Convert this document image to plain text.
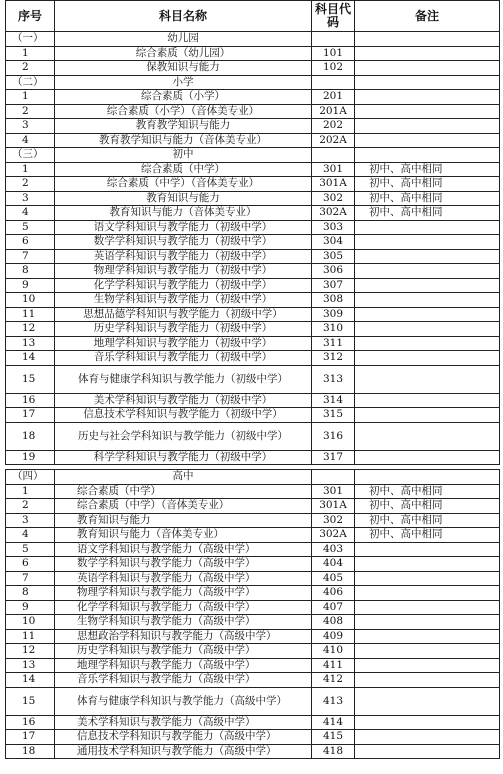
序号	科目名称	科目代码	备注
（一）	幼儿园		
1	综合素质（幼儿园）	101	
2	保教知识与能力	102	
（二）	小学		
1	综合素质（小学）	201	
2	综合素质（小学）（音体美专业）	201A	
3	教育教学知识与能力	202	
4	教育教学知识与能力（音体美专业）	202A	
（三）	初中		
1	综合素质（中学）	301	初中、高中相同
2	综合素质（中学）（音体美专业）	301A	初中、高中相同
3	教育知识与能力	302	初中、高中相同
4	教育知识与能力（音体美专业）	302A	初中、高中相同
5	语文学科知识与教学能力（初级中学）	303	
6	数学学科知识与教学能力（初级中学）	304	
7	英语学科知识与教学能力（初级中学）	305	
8	物理学科知识与教学能力（初级中学）	306	
9	化学学科知识与教学能力（初级中学）	307	
10	生物学科知识与教学能力（初级中学）	308	
11	思想品德学科知识与教学能力（初级中学）	309	
12	历史学科知识与教学能力（初级中学）	310	
13	地理学科知识与教学能力（初级中学）	311	
14	音乐学科知识与教学能力（初级中学）	312	
15	体育与健康学科知识与教学能力（初级中学）	313	
16	美术学科知识与教学能力（初级中学）	314	
17	信息技术学科知识与教学能力（初级中学）	315	
18	历史与社会学科知识与教学能力（初级中学）	316	
19	科学学科知识与教学能力（初级中学）	317	
（四）	高中		
1	综合素质（中学）	301	初中、高中相同
2	综合素质（中学）（音体美专业）	301A	初中、高中相同
3	教育知识与能力	302	初中、高中相同
4	教育知识与能力（音体美专业）	302A	初中、高中相同
5	语文学科知识与教学能力（高级中学）	403	
6	数学学科知识与教学能力（高级中学）	404	
7	英语学科知识与教学能力（高级中学）	405	
8	物理学科知识与教学能力（高级中学）	406	
9	化学学科知识与教学能力（高级中学）	407	
10	生物学科知识与教学能力（高级中学）	408	
11	思想政治学科知识与教学能力（高级中学）	409	
12	历史学科知识与教学能力（高级中学）	410	
13	地理学科知识与教学能力（高级中学）	411	
14	音乐学科知识与教学能力（高级中学）	412	
15	体育与健康学科知识与教学能力（高级中学）	413	
16	美术学科知识与教学能力（高级中学）	414	
17	信息技术学科知识与教学能力（高级中学）	415	
18	通用技术学科知识与教学能力（高级中学）	418	
